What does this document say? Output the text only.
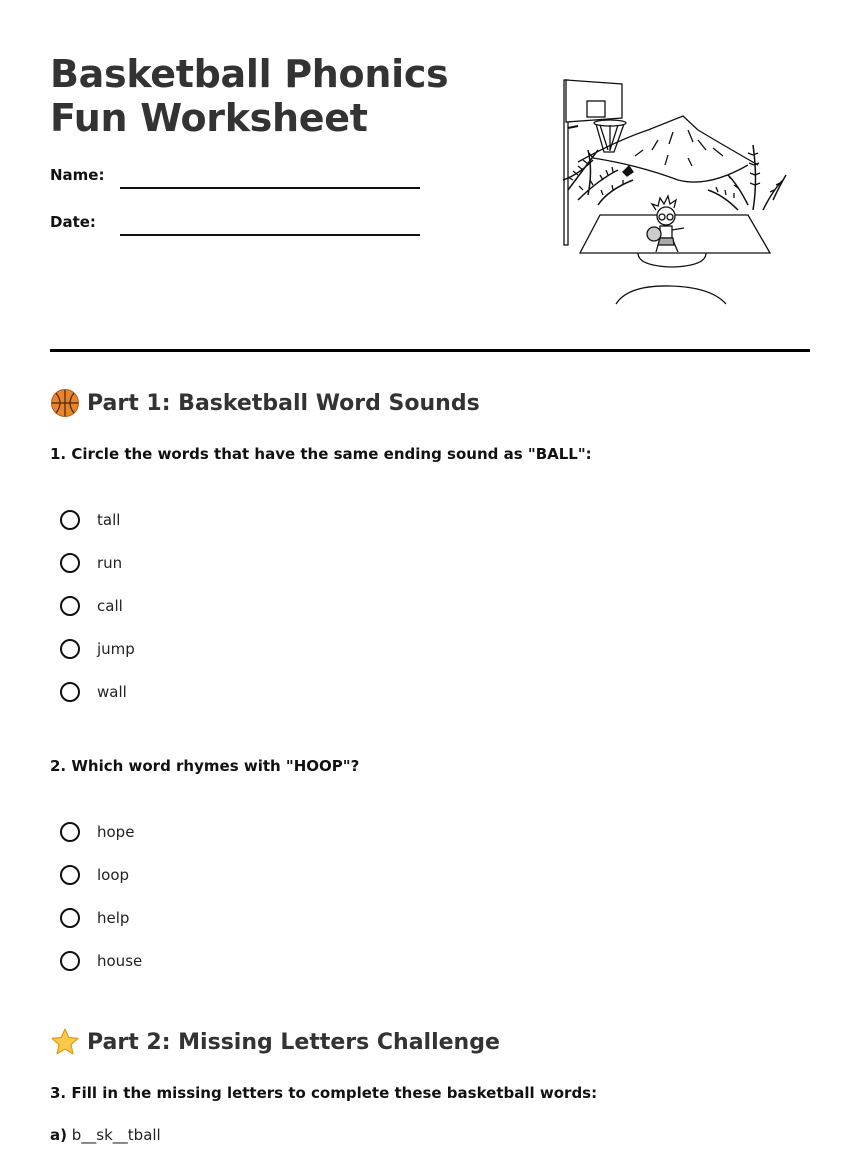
Basketball Phonics Fun Worksheet
Name:
Date:
Part 1: Basketball Word Sounds
1. Circle the words that have the same ending sound as "BALL":
tall
run
call
jump
wall
2. Which word rhymes with "HOOP"?
hope
loop
help
house
Part 2: Missing Letters Challenge
3. Fill in the missing letters to complete these basketball words:
a) b__sk__tball
